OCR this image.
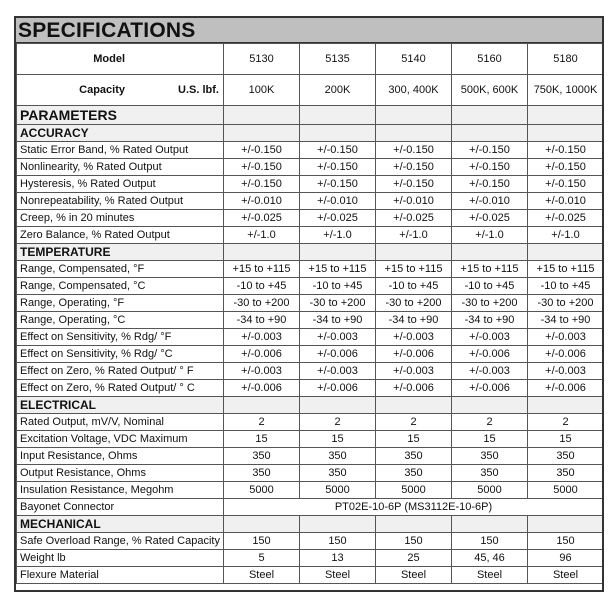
SPECIFICATIONS
Model	5130	5135	5140	5160	5180

Capacity U.S. lbf.	100K	200K	300, 400K	500K, 600K	750K, 1000K
PARAMETERS					
ACCURACY					
Static Error Band, % Rated Output	+/-0.150	+/-0.150	+/-0.150	+/-0.150	+/-0.150
Nonlinearity, % Rated Output	+/-0.150	+/-0.150	+/-0.150	+/-0.150	+/-0.150
Hysteresis, % Rated Output	+/-0.150	+/-0.150	+/-0.150	+/-0.150	+/-0.150
Nonrepeatability, % Rated Output	+/-0.010	+/-0.010	+/-0.010	+/-0.010	+/-0.010
Creep, % in 20 minutes	+/-0.025	+/-0.025	+/-0.025	+/-0.025	+/-0.025
Zero Balance, % Rated Output	+/-1.0	+/-1.0	+/-1.0	+/-1.0	+/-1.0
TEMPERATURE					
Range, Compensated, °F	+15 to +115	+15 to +115	+15 to +115	+15 to +115	+15 to +115
Range, Compensated, °C	-10 to +45	-10 to +45	-10 to +45	-10 to +45	-10 to +45
Range, Operating, °F	-30 to +200	-30 to +200	-30 to +200	-30 to +200	-30 to +200
Range, Operating, °C	-34 to +90	-34 to +90	-34 to +90	-34 to +90	-34 to +90
Effect on Sensitivity, % Rdg/ °F	+/-0.003	+/-0.003	+/-0.003	+/-0.003	+/-0.003
Effect on Sensitivity, % Rdg/ °C	+/-0.006	+/-0.006	+/-0.006	+/-0.006	+/-0.006
Effect on Zero, % Rated Output/ ° F	+/-0.003	+/-0.003	+/-0.003	+/-0.003	+/-0.003
Effect on Zero, % Rated Output/ ° C	+/-0.006	+/-0.006	+/-0.006	+/-0.006	+/-0.006
ELECTRICAL					
Rated Output, mV/V, Nominal	2	2	2	2	2
Excitation Voltage, VDC Maximum	15	15	15	15	15
Input Resistance, Ohms	350	350	350	350	350
Output Resistance, Ohms	350	350	350	350	350
Insulation Resistance, Megohm	5000	5000	5000	5000	5000
Bayonet Connector	PT02E-10-6P (MS3112E-10-6P)				
MECHANICAL					
Safe Overload Range, % Rated Capacity	150	150	150	150	150
Weight lb	5	13	25	45, 46	96
Flexure Material	Steel	Steel	Steel	Steel	Steel
